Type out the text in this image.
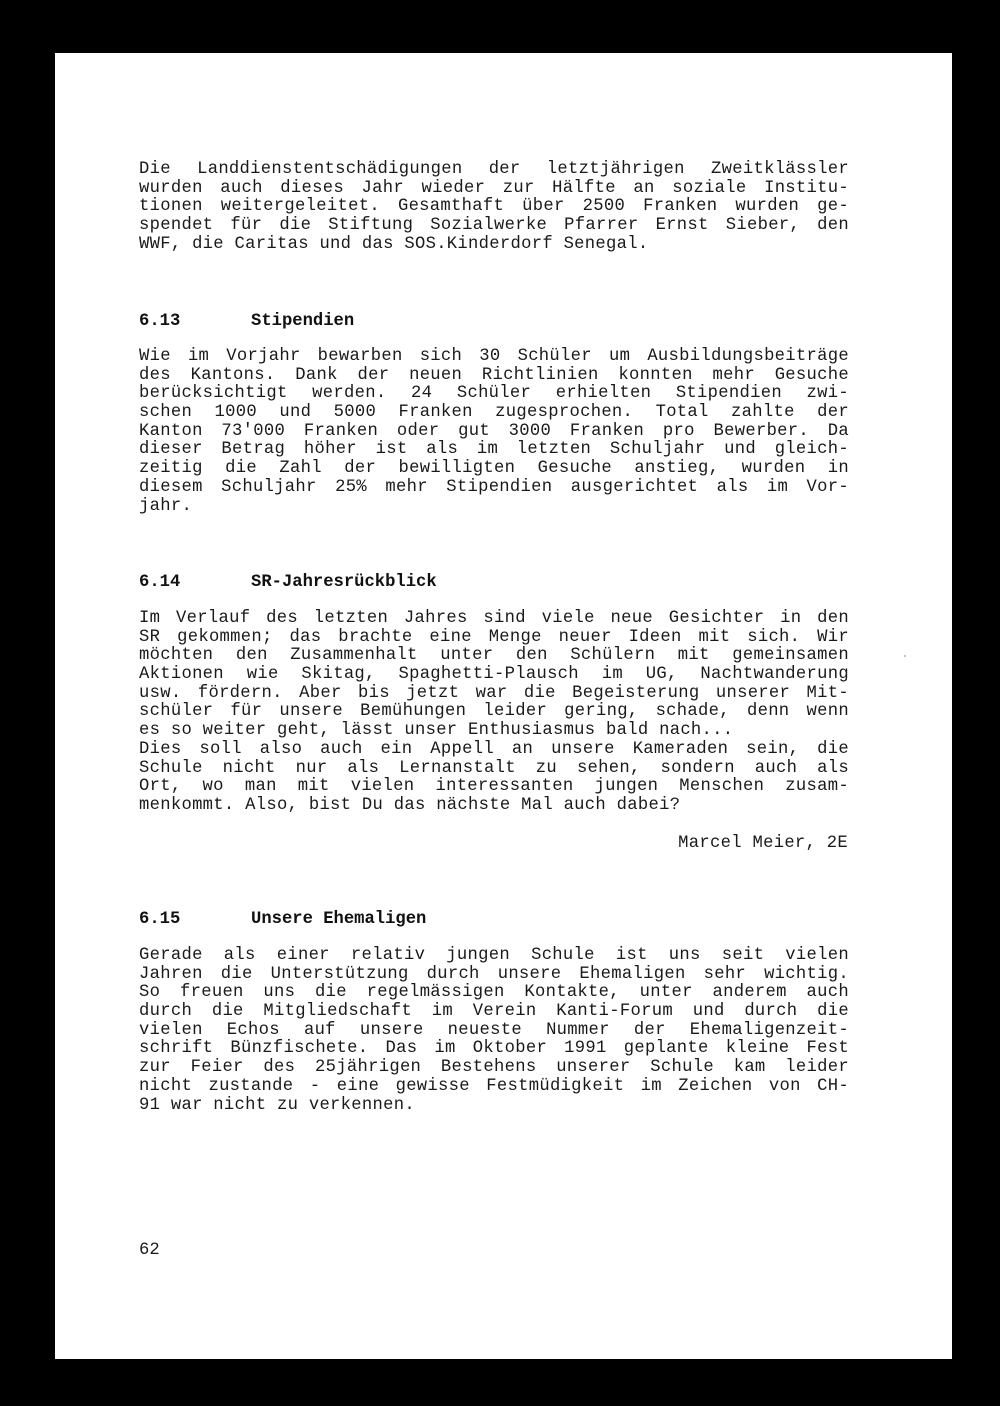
Die Landdienstentschädigungen der letztjährigen Zweitklässler
wurden auch dieses Jahr wieder zur Hälfte an soziale Institu-
tionen weitergeleitet. Gesamthaft über 2500 Franken wurden ge-
spendet für die Stiftung Sozialwerke Pfarrer Ernst Sieber, den
WWF, die Caritas und das SOS.Kinderdorf Senegal.
6.13	Stipendien
Wie im Vorjahr bewarben sich 30 Schüler um Ausbildungsbeiträge
des Kantons. Dank der neuen Richtlinien konnten mehr Gesuche
berücksichtigt werden. 24 Schüler erhielten Stipendien zwi-
schen 1000 und 5000 Franken zugesprochen. Total zahlte der
Kanton 73'000 Franken oder gut 3000 Franken pro Bewerber. Da
dieser Betrag höher ist als im letzten Schuljahr und gleich-
zeitig die Zahl der bewilligten Gesuche anstieg, wurden in
diesem Schuljahr 25% mehr Stipendien ausgerichtet als im Vor-
jahr.
6.14	SR-Jahresrückblick
Im Verlauf des letzten Jahres sind viele neue Gesichter in den
SR gekommen; das brachte eine Menge neuer Ideen mit sich. Wir
möchten den Zusammenhalt unter den Schülern mit gemeinsamen
Aktionen wie Skitag, Spaghetti-Plausch im UG, Nachtwanderung
usw. fördern. Aber bis jetzt war die Begeisterung unserer Mit-
schüler für unsere Bemühungen leider gering, schade, denn wenn
es so weiter geht, lässt unser Enthusiasmus bald nach...
Dies soll also auch ein Appell an unsere Kameraden sein, die
Schule nicht nur als Lernanstalt zu sehen, sondern auch als
Ort, wo man mit vielen interessanten jungen Menschen zusam-
menkommt. Also, bist Du das nächste Mal auch dabei?
Marcel Meier, 2E
6.15	Unsere Ehemaligen
Gerade als einer relativ jungen Schule ist uns seit vielen
Jahren die Unterstützung durch unsere Ehemaligen sehr wichtig.
So freuen uns die regelmässigen Kontakte, unter anderem auch
durch die Mitgliedschaft im Verein Kanti-Forum und durch die
vielen Echos auf unsere neueste Nummer der Ehemaligenzeit-
schrift Bünzfischete. Das im Oktober 1991 geplante kleine Fest
zur Feier des 25jährigen Bestehens unserer Schule kam leider
nicht zustande - eine gewisse Festmüdigkeit im Zeichen von CH-
91 war nicht zu verkennen.
62
